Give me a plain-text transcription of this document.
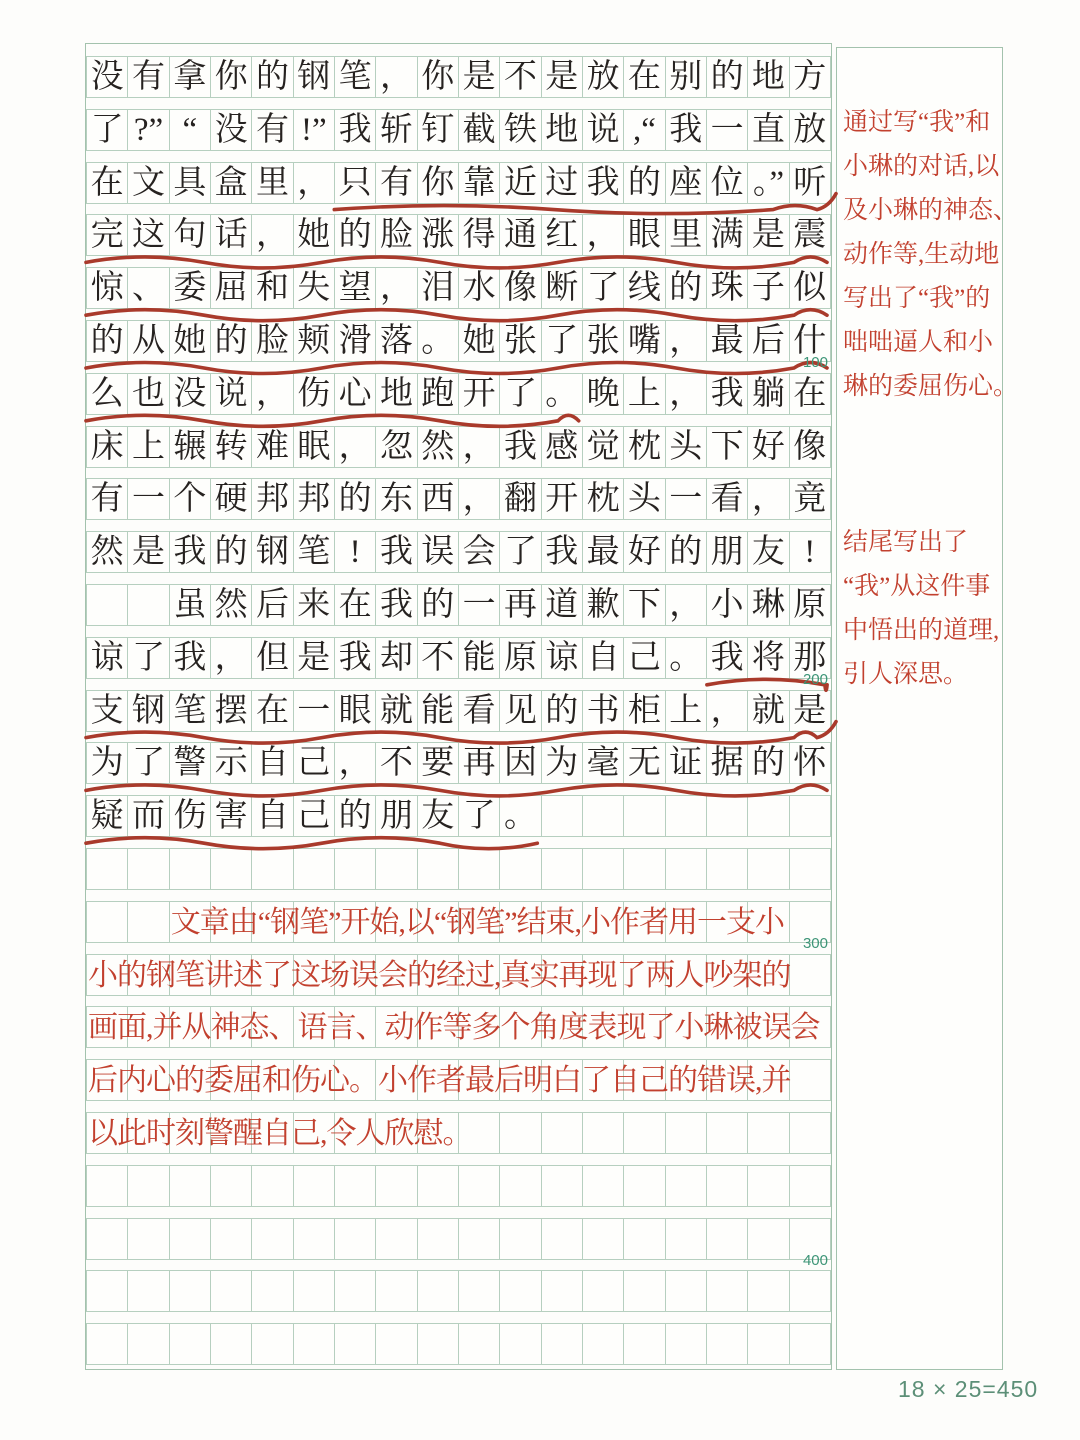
没 有 拿 你 的 钢 笔 ， 你 是 不 是 放 在 别 的 地 方
了 ?” “ 没 有 !” 我 斩 钉 截 铁 地 说 ,“ 我 一 直 放
在 文 具 盒 里 ， 只 有 你 靠 近 过 我 的 座 位 。” 听
完 这 句 话 ， 她 的 脸 涨 得 通 红 ， 眼 里 满 是 震
惊 、 委 屈 和 失 望 ， 泪 水 像 断 了 线 的 珠 子 似
的 从 她 的 脸 颊 滑 落 。 她 张 了 张 嘴 ， 最 后 什
么 也 没 说 ， 伤 心 地 跑 开 了 。 晚 上 ， 我 躺 在
床 上 辗 转 难 眠 ， 忽 然 ， 我 感 觉 枕 头 下 好 像
有 一 个 硬 邦 邦 的 东 西 ， 翻 开 枕 头 一 看 ， 竟
然 是 我 的 钢 笔 ! 我 误 会 了 我 最 好 的 朋 友 !
虽 然 后 来 在 我 的 一 再 道 歉 下 ， 小 琳 原
谅 了 我 ， 但 是 我 却 不 能 原 谅 自 己 。 我 将 那
支 钢 笔 摆 在 一 眼 就 能 看 见 的 书 柜 上 ， 就 是
为 了 警 示 自 己 ， 不 要 再 因 为 毫 无 证 据 的 怀
疑 而 伤 害 自 己 的 朋 友 了 。
通过写“我”和
小琳的对话,以
及小琳的神态、
动作等,生动地
写出了“我”的
咄咄逼人和小
琳的委屈伤心。
结尾写出了
“我”从这件事
中悟出的道理,
引人深思。
文章由“钢笔”开始,以“钢笔”结束,小作者用一支小
小的钢笔讲述了这场误会的经过,真实再现了两人吵架的
画面,并从神态、语言、动作等多个角度表现了小琳被误会
后内心的委屈和伤心。小作者最后明白了自己的错误,并
以此时刻警醒自己,令人欣慰。
100
200
300
400
18 × 25=450
